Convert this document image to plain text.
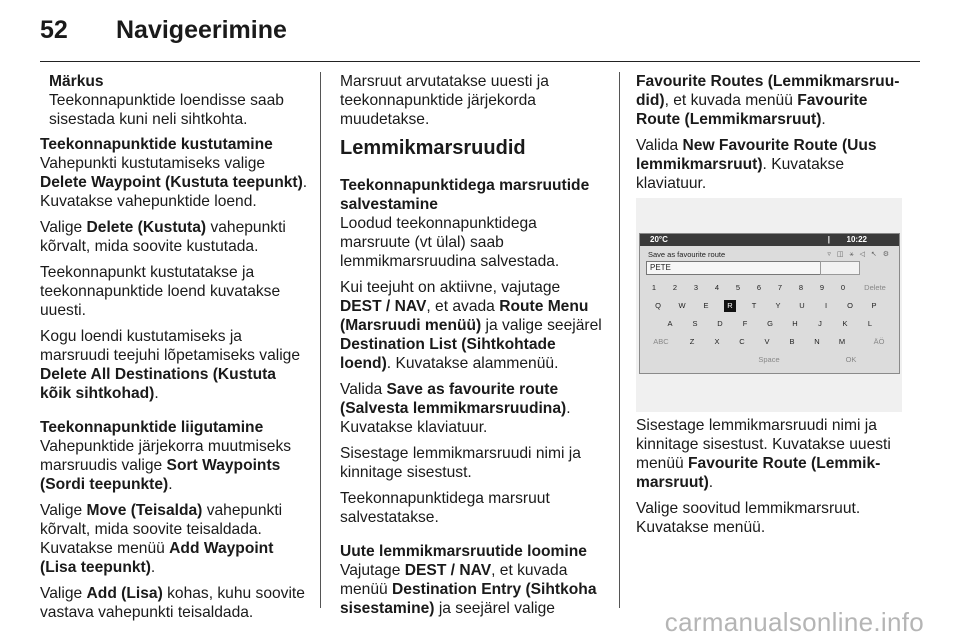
52 Navigeerimine
Märkus
Teekonnapunktide loendisse saab sisestada kuni neli sihtkohta.
Teekonnapunktide kustutamine

Vahepunkti kustutamiseks valige Delete Waypoint (Kustuta teepunkt). Kuvatakse vahepunktide loend.

Valige Delete (Kustuta) vahepunkti kõrvalt, mida soovite kustutada.

Teekonnapunkt kustutatakse ja teekonnapunktide loend kuvatakse uuesti.

Kogu loendi kustutamiseks ja marsruudi teejuhi lõpetamiseks valige Delete All Destinations (Kustuta kõik sihtkohad).

Teekonnapunktide liigutamine

Vahepunktide järjekorra muutmiseks marsruudis valige Sort Waypoints (Sordi teepunkte).

Valige Move (Teisalda) vahepunkti kõrvalt, mida soovite teisaldada. Kuvatakse menüü Add Waypoint (Lisa teepunkt).

Valige Add (Lisa) kohas, kuhu soovite vastava vahepunkti teisaldada.

Marsruut arvutatakse uuesti ja teekonnapunktide järjekorda muudetakse.

Lemmikmarsruudid
Teekonnapunktidega marsruutide salvestamine

Loodud teekonnapunktidega marsruute (vt ülal) saab lemmikmarsruudina salvestada.

Kui teejuht on aktiivne, vajutage DEST / NAV, et avada Route Menu (Marsruudi menüü) ja valige seejärel Destination List (Sihtkohtade loend). Kuvatakse alammenüü.

Valida Save as favourite route (Salvesta lemmikmarsruudina). Kuvatakse klaviatuur.

Sisestage lemmikmarsruudi nimi ja kinnitage sisestust.

Teekonnapunktidega marsruut salvestatakse.

Uute lemmikmarsruutide loomine

Vajutage DEST / NAV, et kuvada menüü Destination Entry (Sihtkoha sisestamine) ja seejärel valige

Favourite Routes (Lemmikmarsruu-did), et kuvada menüü Favourite Route (Lemmikmarsruut).

Valida New Favourite Route (Uus lemmikmarsruut). Kuvatakse klaviatuur.

Sisestage lemmikmarsruudi nimi ja kinnitage sisestust. Kuvatakse uuesti menüü Favourite Route (Lemmik-marsruut).

Valige soovitud lemmikmarsruut. Kuvatakse menüü.

20°C	| 10:22
Save as favourite route	▿ ◫ ⚹ ◁ ↖ ⚙
PETE
1	2	3	4	5	6	7	8	9	0	Delete
Q	W	E	R	T	Y	U	I	O	P
A	S	D	F	G	H	J	K	L
ABC	Z	X	C	V	B	N	M	ÄÖ
Space	OK
carmanualsonline.info
